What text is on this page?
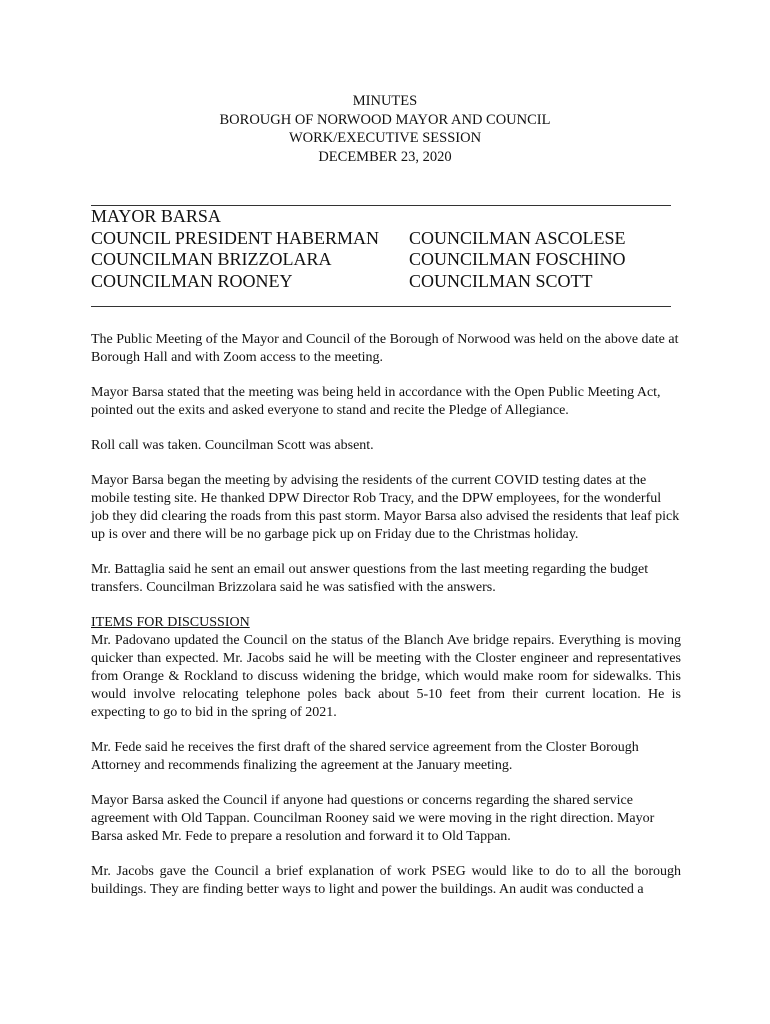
MINUTES
BOROUGH OF NORWOOD MAYOR AND COUNCIL
WORK/EXECUTIVE SESSION
DECEMBER 23, 2020
MAYOR BARSA
COUNCIL PRESIDENT HABERMAN	COUNCILMAN ASCOLESE
COUNCILMAN BRIZZOLARA	COUNCILMAN FOSCHINO
COUNCILMAN ROONEY	COUNCILMAN SCOTT

The Public Meeting of the Mayor and Council of the Borough of Norwood was held on the above date at Borough Hall and with Zoom access to the meeting.

Mayor Barsa stated that the meeting was being held in accordance with the Open Public Meeting Act, pointed out the exits and asked everyone to stand and recite the Pledge of Allegiance.

Roll call was taken. Councilman Scott was absent.

Mayor Barsa began the meeting by advising the residents of the current COVID testing dates at the mobile testing site. He thanked DPW Director Rob Tracy, and the DPW employees, for the wonderful job they did clearing the roads from this past storm. Mayor Barsa also advised the residents that leaf pick up is over and there will be no garbage pick up on Friday due to the Christmas holiday.

Mr. Battaglia said he sent an email out answer questions from the last meeting regarding the budget transfers. Councilman Brizzolara said he was satisfied with the answers.

ITEMS FOR DISCUSSION

Mr. Padovano updated the Council on the status of the Blanch Ave bridge repairs. Everything is moving quicker than expected. Mr. Jacobs said he will be meeting with the Closter engineer and representatives from Orange & Rockland to discuss widening the bridge, which would make room for sidewalks. This would involve relocating telephone poles back about 5-10 feet from their current location. He is expecting to go to bid in the spring of 2021.

Mr. Fede said he receives the first draft of the shared service agreement from the Closter Borough Attorney and recommends finalizing the agreement at the January meeting.

Mayor Barsa asked the Council if anyone had questions or concerns regarding the shared service agreement with Old Tappan. Councilman Rooney said we were moving in the right direction. Mayor Barsa asked Mr. Fede to prepare a resolution and forward it to Old Tappan.

Mr. Jacobs gave the Council a brief explanation of work PSEG would like to do to all the borough buildings. They are finding better ways to light and power the buildings. An audit was conducted a
